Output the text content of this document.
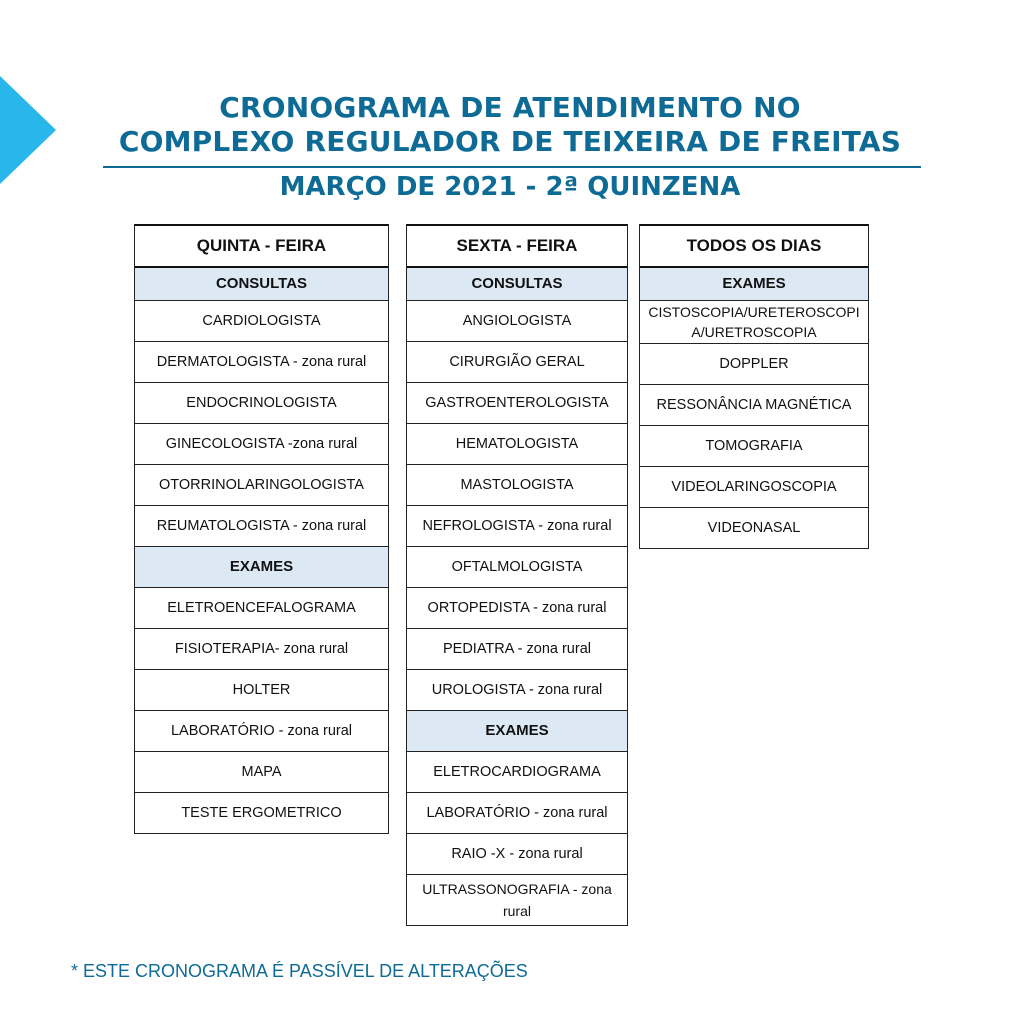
CRONOGRAMA DE ATENDIMENTO NO
COMPLEXO REGULADOR DE TEIXEIRA DE FREITAS
MARÇO DE 2021 - 2ª QUINZENA
QUINTA - FEIRA
CONSULTAS
CARDIOLOGISTA
DERMATOLOGISTA - zona rural
ENDOCRINOLOGISTA
GINECOLOGISTA -zona rural
OTORRINOLARINGOLOGISTA
REUMATOLOGISTA - zona rural
EXAMES
ELETROENCEFALOGRAMA
FISIOTERAPIA- zona rural
HOLTER
LABORATÓRIO - zona rural
MAPA
TESTE ERGOMETRICO
SEXTA - FEIRA
CONSULTAS
ANGIOLOGISTA
CIRURGIÃO GERAL
GASTROENTEROLOGISTA
HEMATOLOGISTA
MASTOLOGISTA
NEFROLOGISTA - zona rural
OFTALMOLOGISTA
ORTOPEDISTA - zona rural
PEDIATRA - zona rural
UROLOGISTA - zona rural
EXAMES
ELETROCARDIOGRAMA
LABORATÓRIO - zona rural
RAIO -X - zona rural
ULTRASSONOGRAFIA - zona rural
TODOS OS DIAS
EXAMES
CISTOSCOPIA/URETEROSCOPIA/URETROSCOPIA
DOPPLER
RESSONÂNCIA MAGNÉTICA
TOMOGRAFIA
VIDEOLARINGOSCOPIA
VIDEONASAL
* ESTE CRONOGRAMA É PASSÍVEL DE ALTERAÇÕES
